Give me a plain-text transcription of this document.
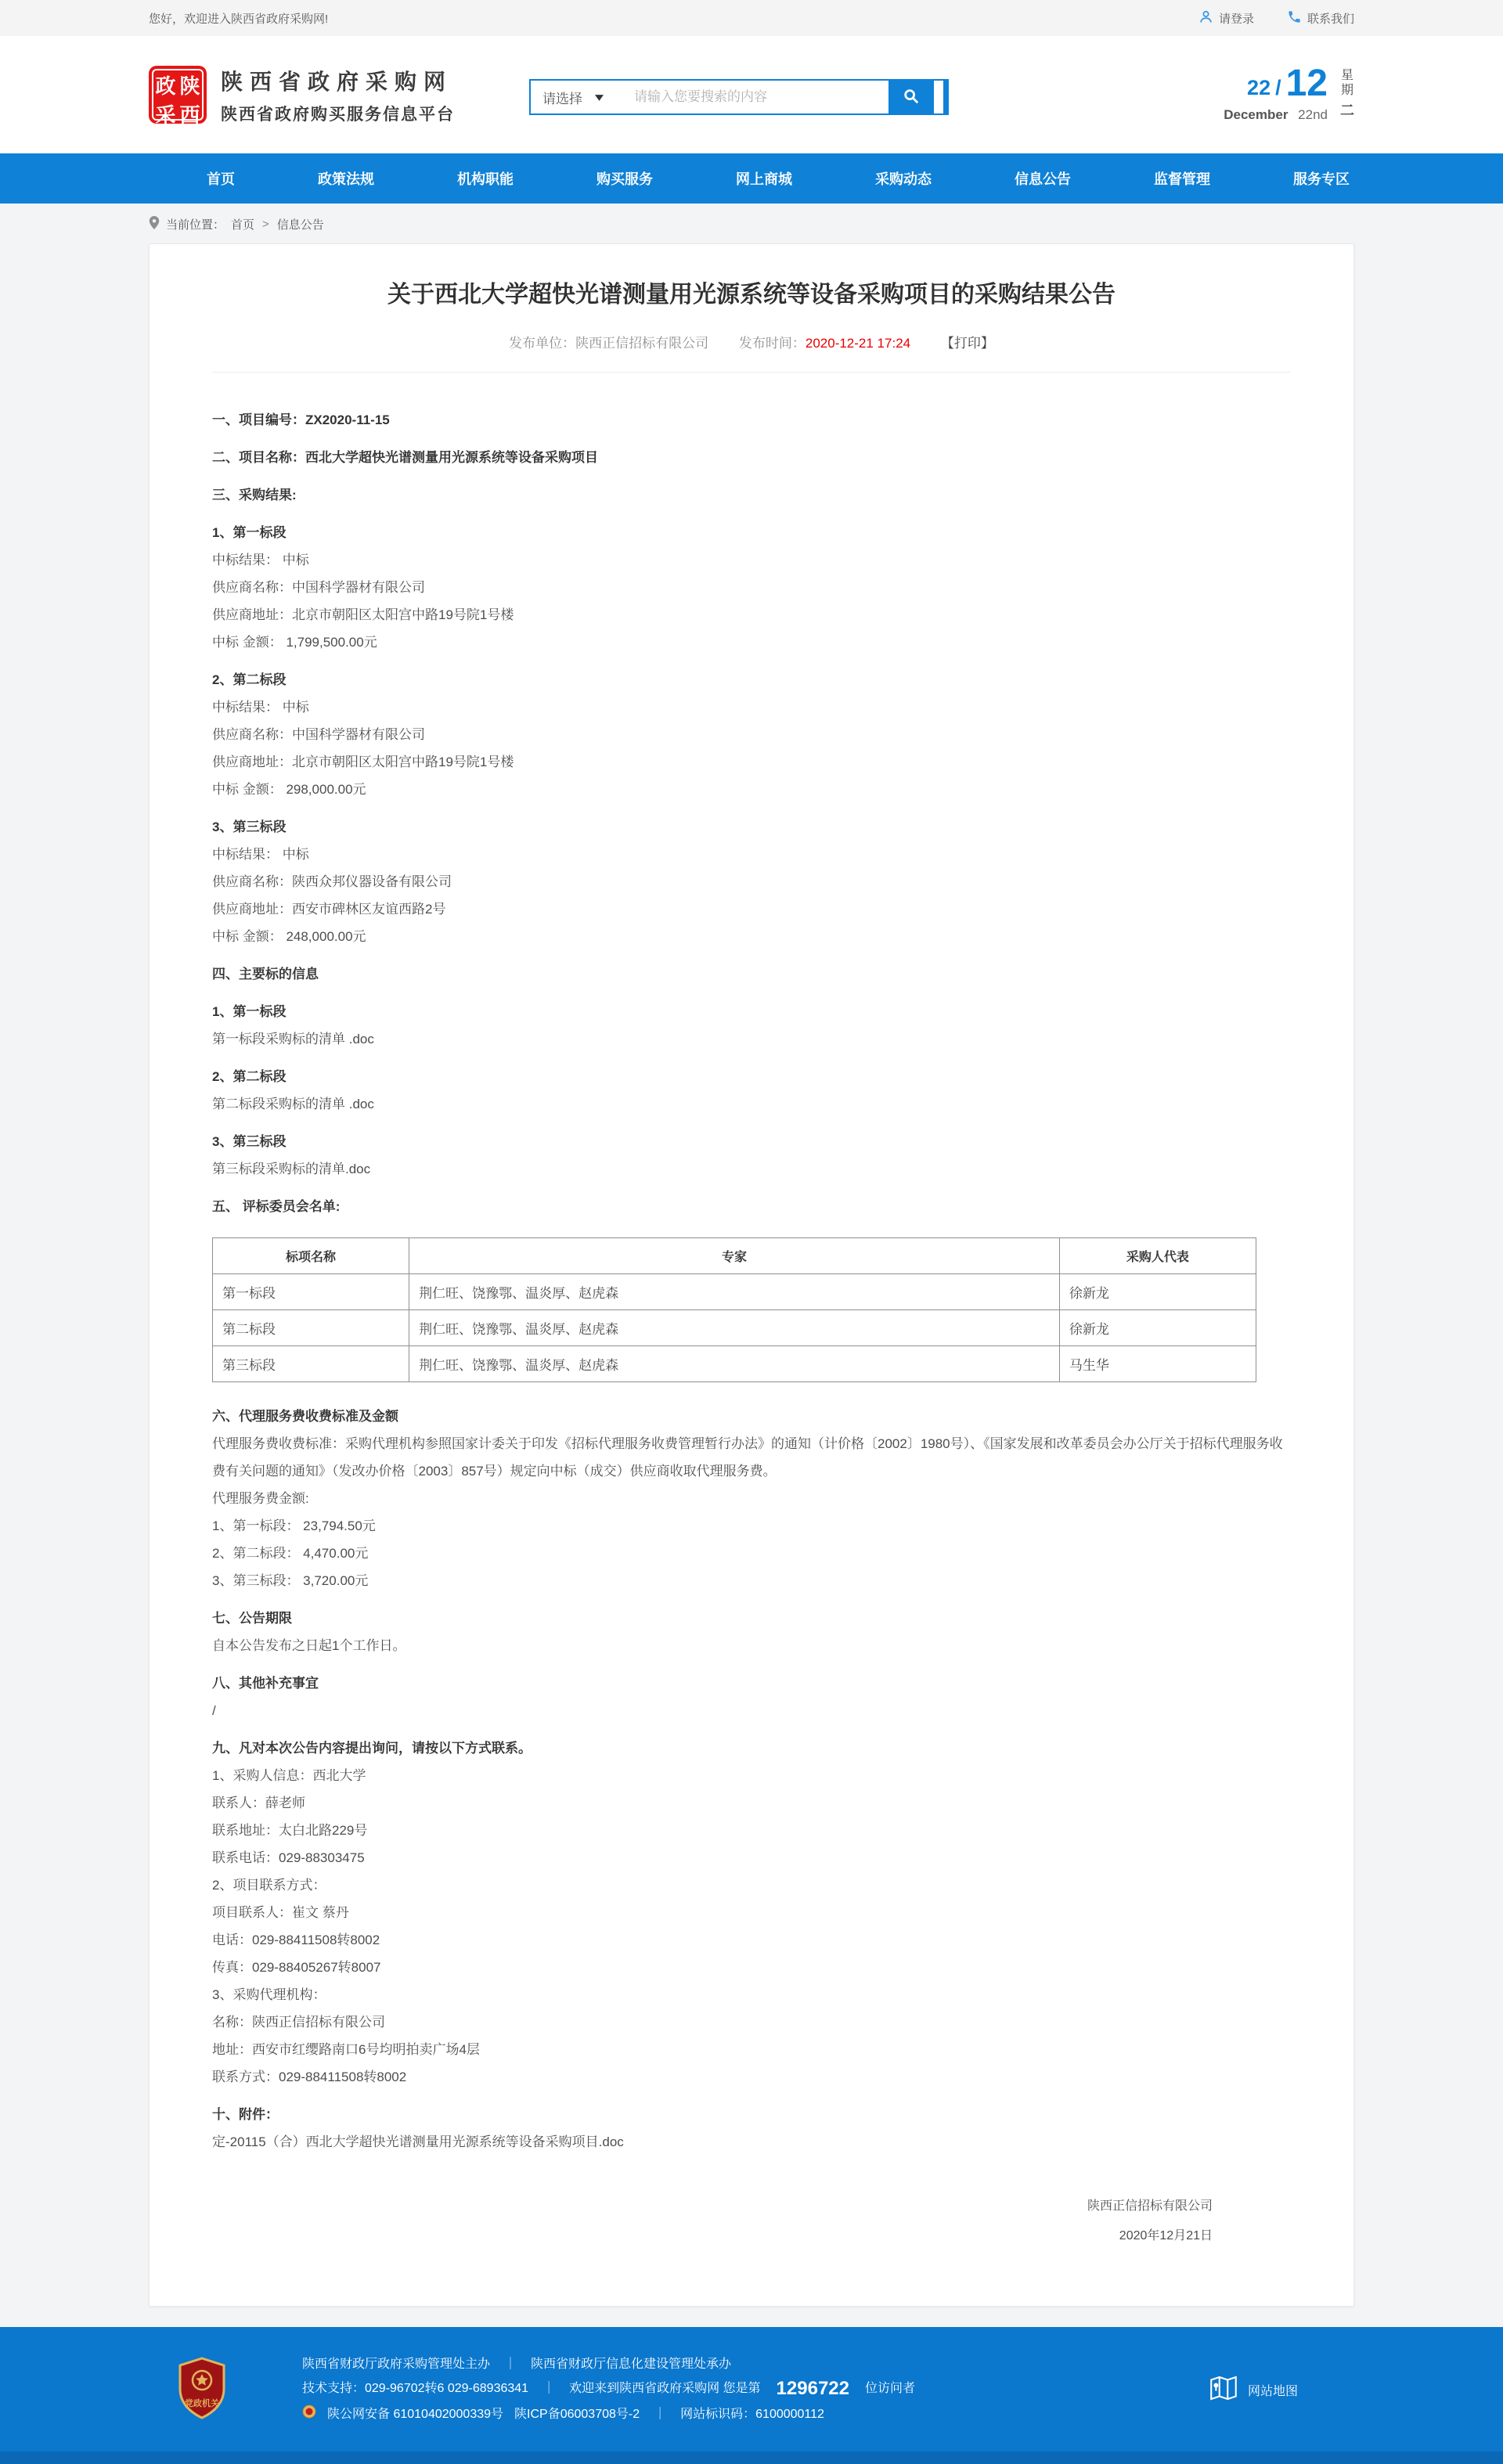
您好，欢迎进入陕西省政府采购网!	请登录	联系我们
政 陕
采 西
陕西省政府采购网
陕西省政府购买服务信息平台
请选择
请输入您要搜索的内容	22 / 12
December 22nd
星
期
二
首页	政策法规	机构职能	购买服务	网上商城	采购动态	信息公告	监督管理	服务专区
当前位置： 首页 > 信息公告
关于西北大学超快光谱测量用光源系统等设备采购项目的采购结果公告
发布单位：陕西正信招标有限公司 发布时间：2020-12-21 17:24 【打印】
一、项目编号：ZX2020-11-15
二、项目名称：西北大学超快光谱测量用光源系统等设备采购项目
三、采购结果:
1、第一标段
中标结果： 中标
供应商名称：中国科学器材有限公司
供应商地址：北京市朝阳区太阳宫中路19号院1号楼
中标 金额： 1,799,500.00元
2、第二标段
中标结果： 中标
供应商名称：中国科学器材有限公司
供应商地址：北京市朝阳区太阳宫中路19号院1号楼
中标 金额： 298,000.00元
3、第三标段
中标结果： 中标
供应商名称：陕西众邦仪器设备有限公司
供应商地址：西安市碑林区友谊西路2号
中标 金额： 248,000.00元
四、主要标的信息
1、第一标段
第一标段采购标的清单 .doc
2、第二标段
第二标段采购标的清单 .doc
3、第三标段
第三标段采购标的清单.doc
五、 评标委员会名单:
标项名称	专家	采购人代表
第一标段	荆仁旺、饶豫鄂、温炎厚、赵虎森	徐新龙
第二标段	荆仁旺、饶豫鄂、温炎厚、赵虎森	徐新龙
第三标段	荆仁旺、饶豫鄂、温炎厚、赵虎森	马生华
六、代理服务费收费标准及金额
代理服务费收费标准：采购代理机构参照国家计委关于印发《招标代理服务收费管理暂行办法》的通知（计价格〔2002〕1980号）、《国家发展和改革委员会办公厅关于招标代理服务收费有关问题的通知》（发改办价格〔2003〕857号）规定向中标（成交）供应商收取代理服务费。
代理服务费金额:
1、第一标段： 23,794.50元
2、第二标段： 4,470.00元
3、第三标段： 3,720.00元
七、公告期限
自本公告发布之日起1个工作日。
八、其他补充事宜
/
九、凡对本次公告内容提出询问，请按以下方式联系。
1、采购人信息：西北大学
联系人：薛老师
联系地址：太白北路229号
联系电话：029-88303475
2、项目联系方式：
项目联系人：崔文 蔡丹
电话：029-88411508转8002
传真：029-88405267转8007
3、采购代理机构：
名称：陕西正信招标有限公司
地址：西安市红缨路南口6号均明拍卖广场4层
联系方式：029-88411508转8002
十、附件：
定-20115（合）西北大学超快光谱测量用光源系统等设备采购项目.doc
陕西正信招标有限公司
2020年12月21日
党政机关
陕西省财政厅政府采购管理处主办 ｜ 陕西省财政厅信息化建设管理处承办
技术支持：029-96702转6 029-68936341 ｜ 欢迎来到陕西省政府采购网 您是第 1296722 位访问者
陕公网安备 61010402000339号 陕ICP备06003708号-2 ｜ 网站标识码：6100000112
网站地图
